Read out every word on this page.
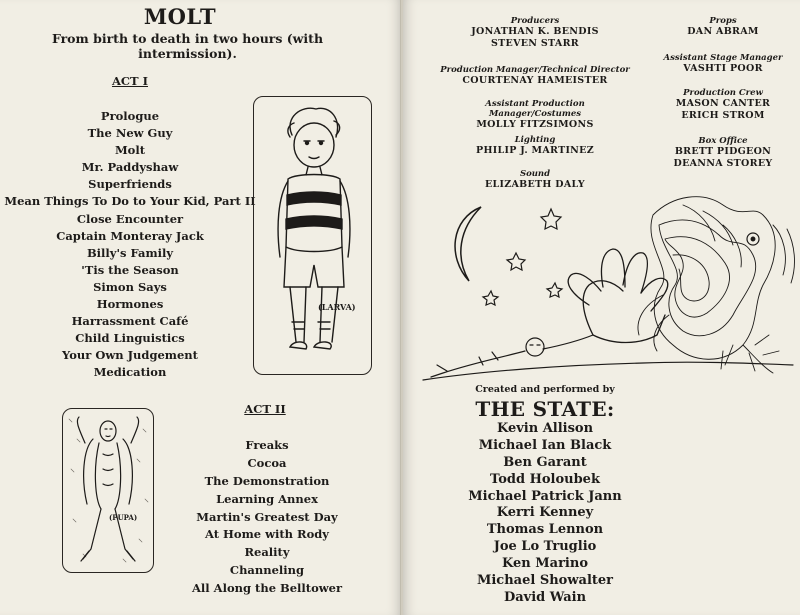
MOLT
From birth to death in two hours (with intermission).
ACT I
Prologue
The New Guy
Molt
Mr. Paddyshaw
Superfriends
Mean Things To Do to Your Kid, Part II
Close Encounter
Captain Monteray Jack
Billy's Family
'Tis the Season
Simon Says
Hormones
Harrassment Café
Child Linguistics
Your Own Judgement
Medication
(LARVA)
(PUPA)
ACT II
Freaks
Cocoa
The Demonstration
Learning Annex
Martin's Greatest Day
At Home with Rody
Reality
Channeling
All Along the Belltower
Producers
JONATHAN K. BENDIS
STEVEN STARR
Production Manager/Technical Director
COURTENAY HAMEISTER
Assistant Production Manager/Costumes
MOLLY FITZSIMONS
Lighting
PHILIP J. MARTINEZ
Sound
ELIZABETH DALY
Props
DAN ABRAM
Assistant Stage Manager
VASHTI POOR
Production Crew
MASON CANTER
ERICH STROM
Box Office
BRETT PIDGEON
DEANNA STOREY
Created and performed by
THE STATE:
Kevin Allison
Michael Ian Black
Ben Garant
Todd Holoubek
Michael Patrick Jann
Kerri Kenney
Thomas Lennon
Joe Lo Truglio
Ken Marino
Michael Showalter
David Wain
